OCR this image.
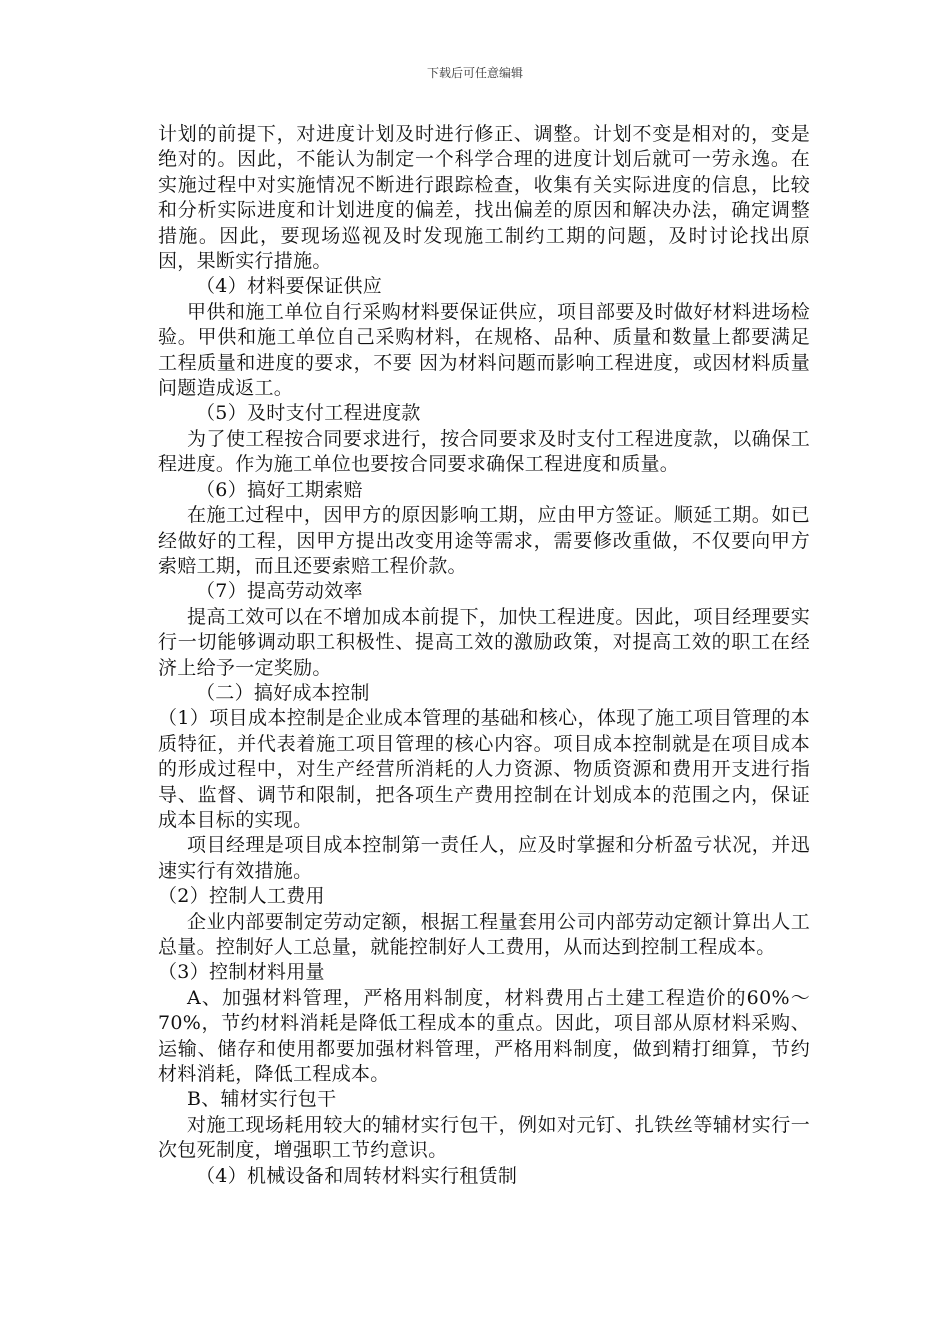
下载后可任意编辑

计划的前提下，对进度计划及时进行修正、调整。计划不变是相对的，变是绝对的。因此，不能认为制定一个科学合理的进度计划后就可一劳永逸。在实施过程中对实施情况不断进行跟踪检查，收集有关实际进度的信息，比较和分析实际进度和计划进度的偏差，找出偏差的原因和解决办法，确定调整措施。因此，要现场巡视及时发现施工制约工期的问题，及时讨论找出原因，果断实行措施。

（4）材料要保证供应

甲供和施工单位自行采购材料要保证供应，项目部要及时做好材料进场检验。甲供和施工单位自己采购材料，在规格、品种、质量和数量上都要满足工程质量和进度的要求，不要 因为材料问题而影响工程进度，或因材料质量问题造成返工。

（5）及时支付工程进度款

为了使工程按合同要求进行，按合同要求及时支付工程进度款，以确保工程进度。作为施工单位也要按合同要求确保工程进度和质量。

（6）搞好工期索赔

在施工过程中，因甲方的原因影响工期，应由甲方签证。顺延工期。如已经做好的工程，因甲方提出改变用途等需求，需要修改重做，不仅要向甲方索赔工期，而且还要索赔工程价款。

（7）提高劳动效率

提高工效可以在不增加成本前提下，加快工程进度。因此，项目经理要实行一切能够调动职工积极性、提高工效的激励政策，对提高工效的职工在经济上给予一定奖励。

（二）搞好成本控制

（1）项目成本控制是企业成本管理的基础和核心，体现了施工项目管理的本质特征，并代表着施工项目管理的核心内容。项目成本控制就是在项目成本的形成过程中，对生产经营所消耗的人力资源、物质资源和费用开支进行指导、监督、调节和限制，把各项生产费用控制在计划成本的范围之内，保证成本目标的实现。

项目经理是项目成本控制第一责任人，应及时掌握和分析盈亏状况，并迅速实行有效措施。

（2）控制人工费用

企业内部要制定劳动定额，根据工程量套用公司内部劳动定额计算出人工总量。控制好人工总量，就能控制好人工费用，从而达到控制工程成本。

（3）控制材料用量

A、加强材料管理，严格用料制度，材料费用占土建工程造价的60%～70%，节约材料消耗是降低工程成本的重点。因此，项目部从原材料采购、运输、储存和使用都要加强材料管理，严格用料制度，做到精打细算，节约材料消耗，降低工程成本。

B、辅材实行包干

对施工现场耗用较大的辅材实行包干，例如对元钉、扎铁丝等辅材实行一次包死制度，增强职工节约意识。

（4）机械设备和周转材料实行租赁制
